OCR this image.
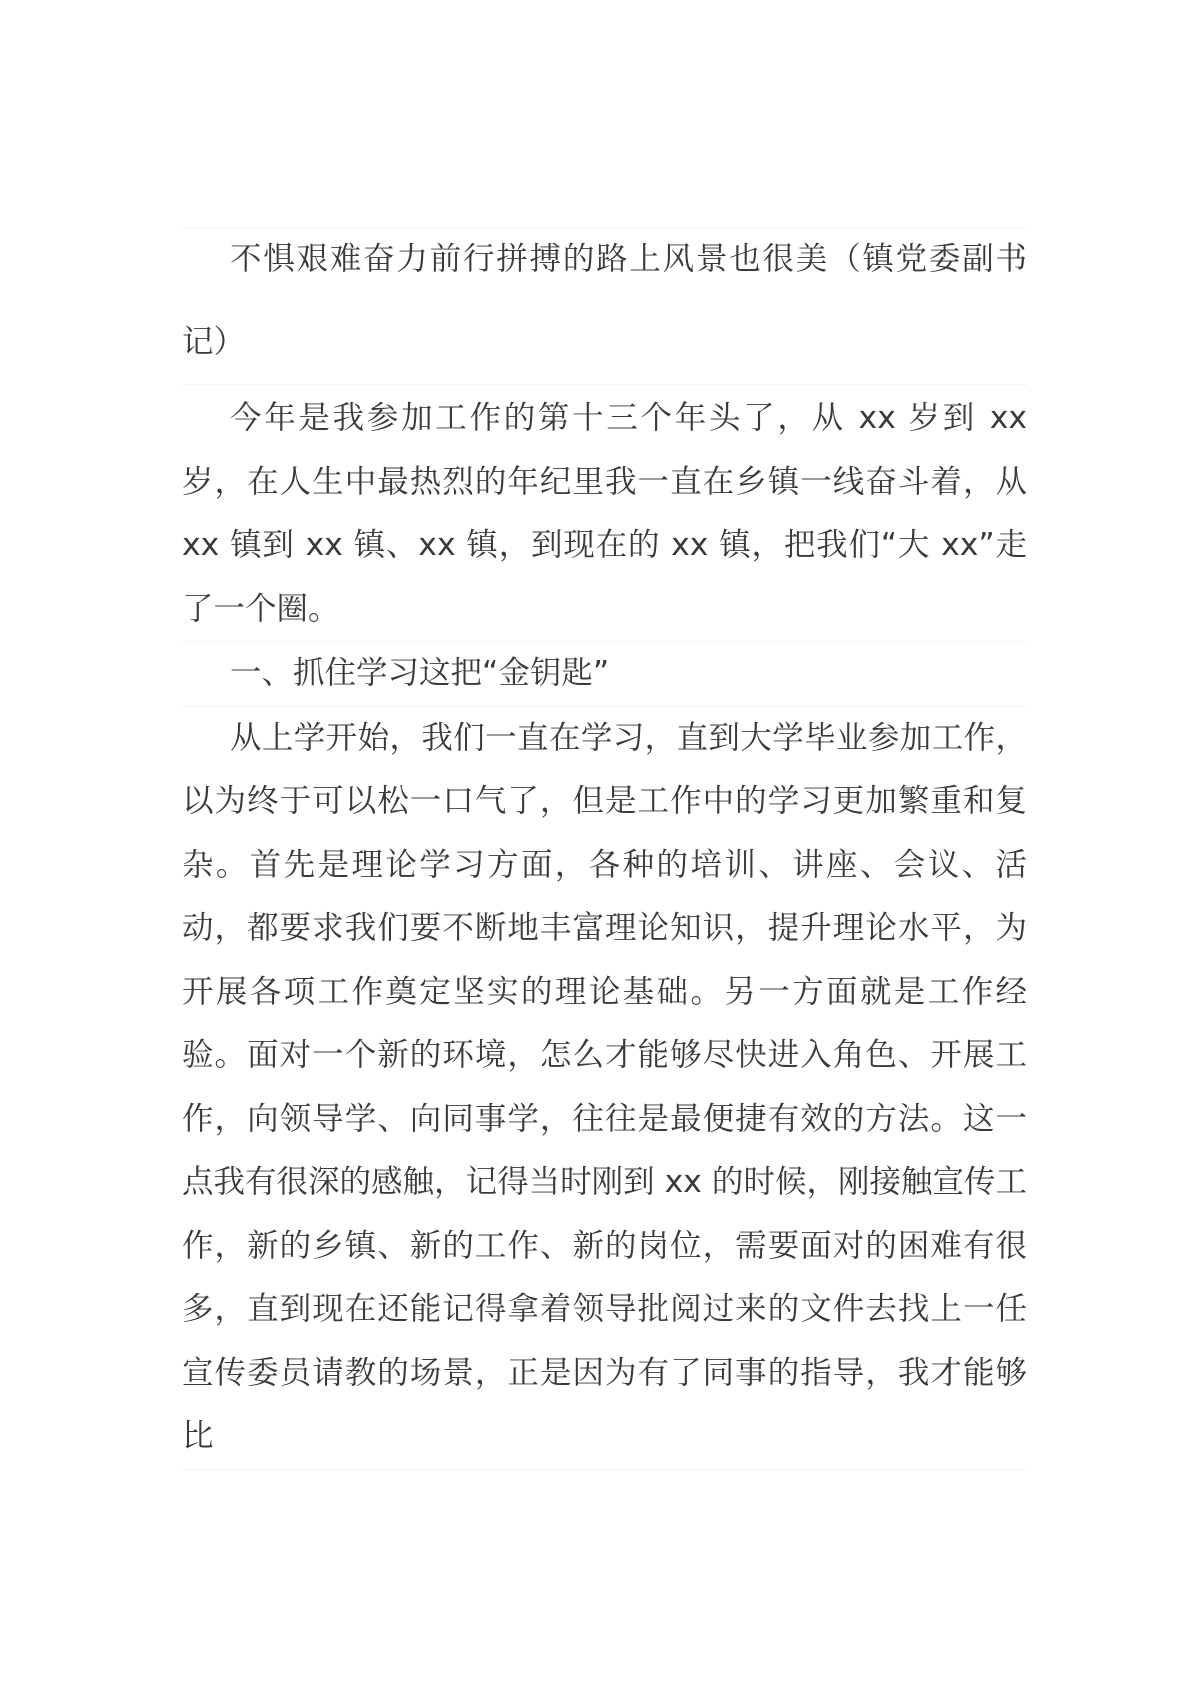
不惧艰难奋力前行拼搏的路上风景也很美（镇党委副书记）

今年是我参加工作的第十三个年头了，从 xx 岁到 xx 岁，在人生中最热烈的年纪里我一直在乡镇一线奋斗着，从 xx 镇到 xx 镇、xx 镇，到现在的 xx 镇，把我们“大 xx”走了一个圈。

一、抓住学习这把“金钥匙”

从上学开始，我们一直在学习，直到大学毕业参加工作，以为终于可以松一口气了，但是工作中的学习更加繁重和复杂。首先是理论学习方面，各种的培训、讲座、会议、活动，都要求我们要不断地丰富理论知识，提升理论水平，为开展各项工作奠定坚实的理论基础。另一方面就是工作经验。面对一个新的环境，怎么才能够尽快进入角色、开展工作，向领导学、向同事学，往往是最便捷有效的方法。这一点我有很深的感触，记得当时刚到 xx 的时候，刚接触宣传工作，新的乡镇、新的工作、新的岗位，需要面对的困难有很多，直到现在还能记得拿着领导批阅过来的文件去找上一任宣传委员请教的场景，正是因为有了同事的指导，我才能够比
